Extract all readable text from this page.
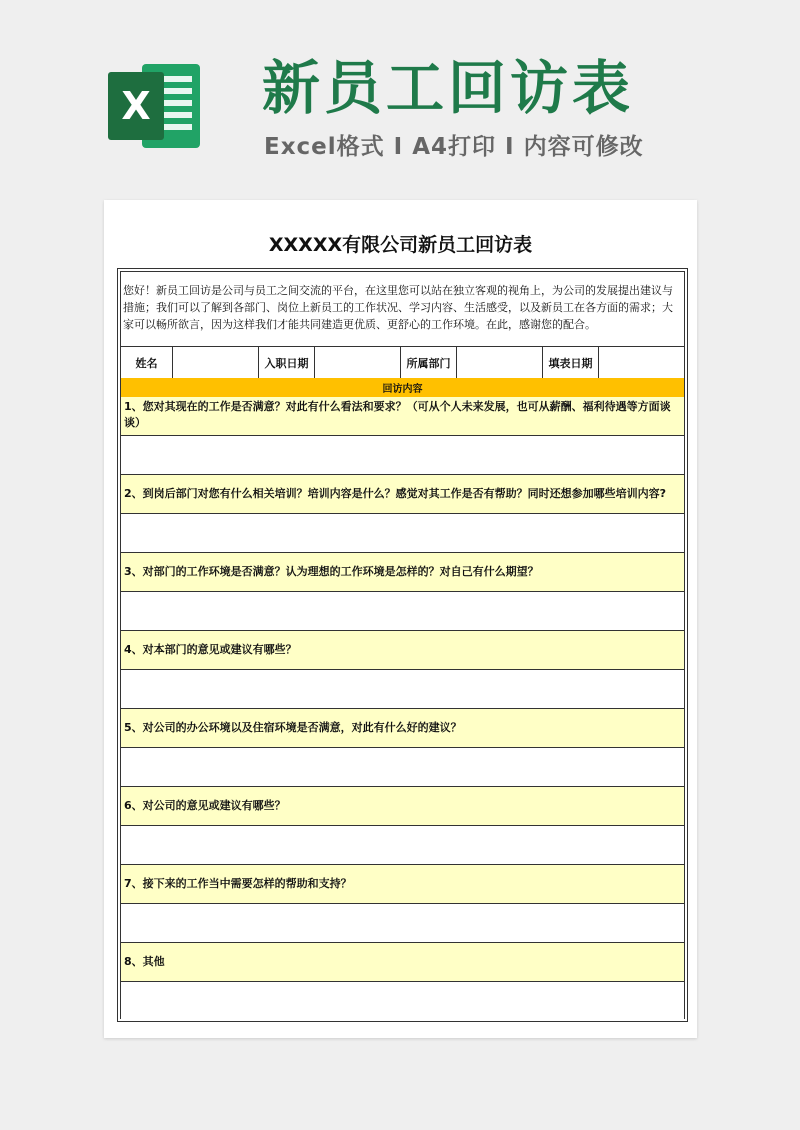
X 新员工回访表
Excel格式 I A4打印 I 内容可修改
XXXXX有限公司新员工回访表
您好！新员工回访是公司与员工之间交流的平台，在这里您可以站在独立客观的视角上，为公司的发展提出建议与措施；我们可以了解到各部门、岗位上新员工的工作状况、学习内容、生活感受，以及新员工在各方面的需求；大家可以畅所欲言，因为这样我们才能共同建造更优质、更舒心的工作环境。在此，感谢您的配合。
姓名	入职日期	所属部门	填表日期
回访内容
1、您对其现在的工作是否满意？对此有什么看法和要求？（可从个人未来发展，也可从薪酬、福利待遇等方面谈谈）
2、到岗后部门对您有什么相关培训？培训内容是什么？感觉对其工作是否有帮助？同时还想参加哪些培训内容?
3、对部门的工作环境是否满意？认为理想的工作环境是怎样的？对自己有什么期望？
4、对本部门的意见或建议有哪些？
5、对公司的办公环境以及住宿环境是否满意，对此有什么好的建议？
6、对公司的意见或建议有哪些？
7、接下来的工作当中需要怎样的帮助和支持？
8、其他
